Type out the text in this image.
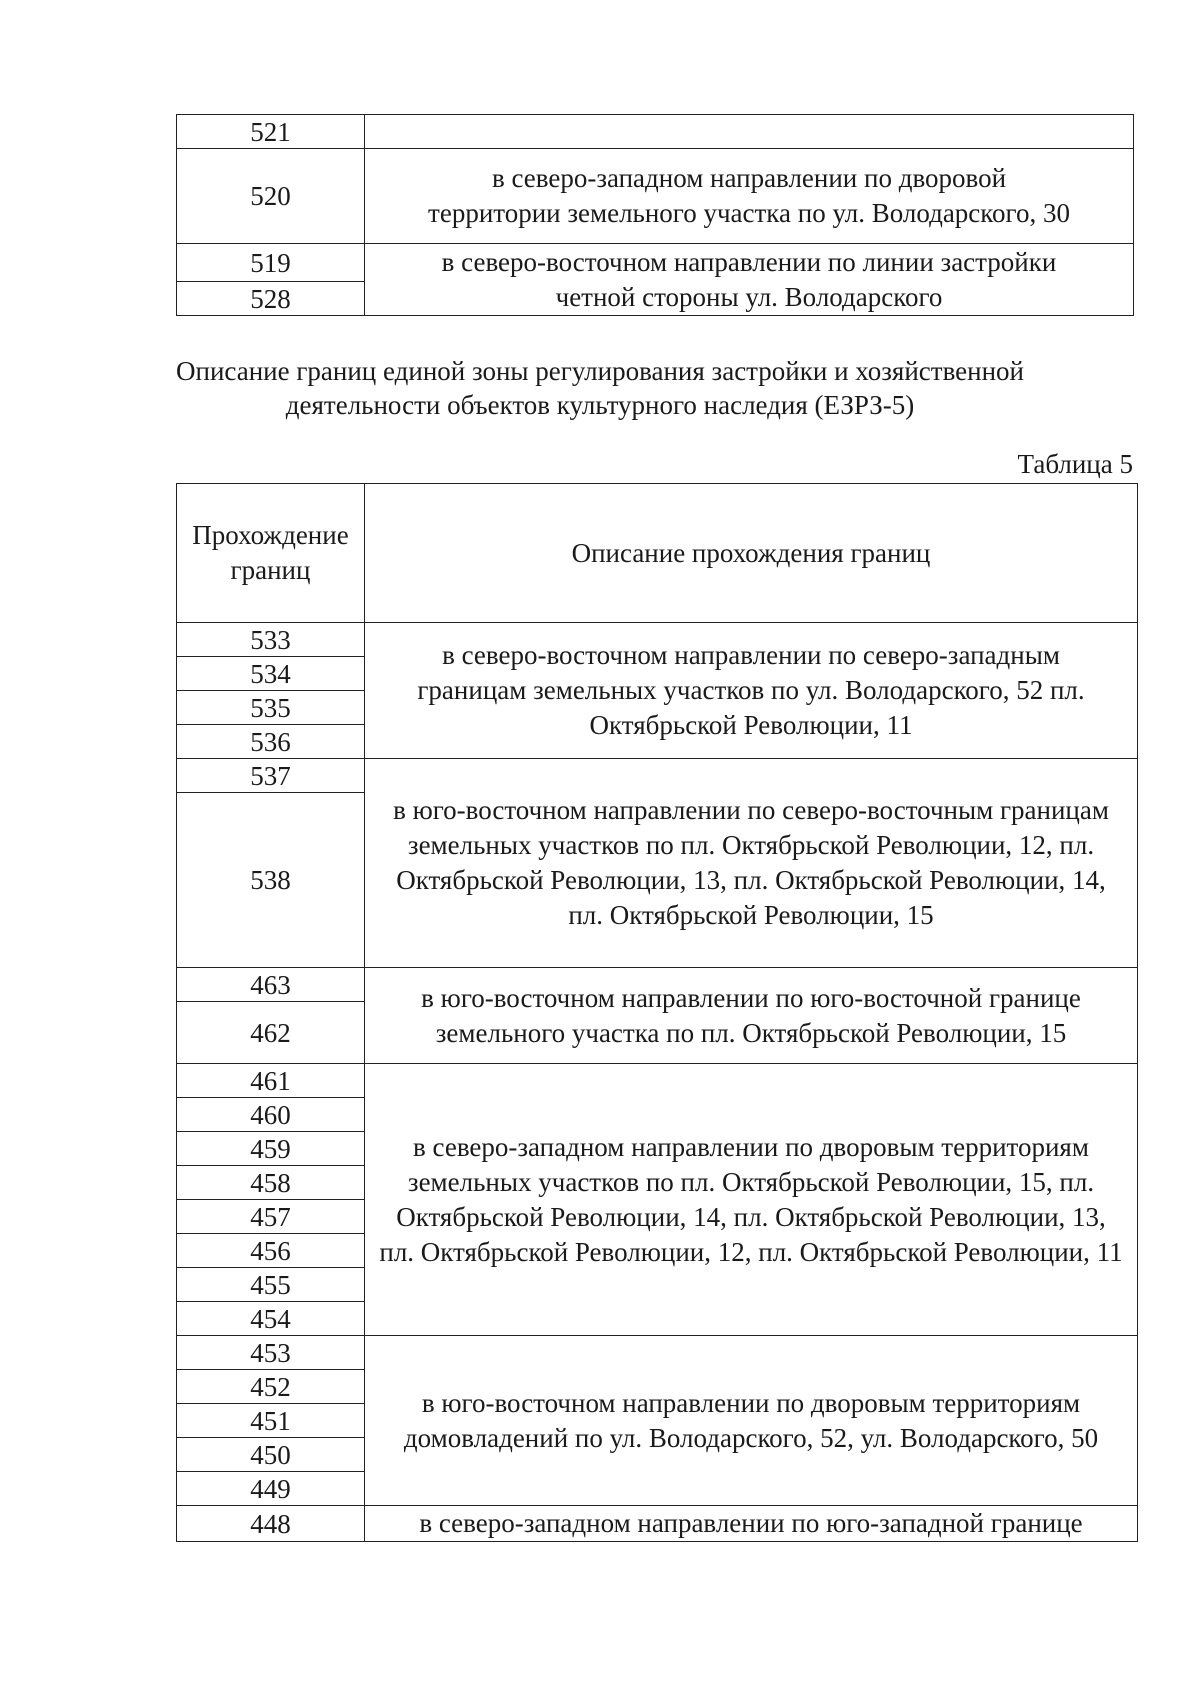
521	
520	в северо-западном направлении по дворовой территории земельного участка по ул. Володарского, 30
519	в северо-восточном направлении по линии застройки четной стороны ул. Володарского
528	
Описание границ единой зоны регулирования застройки и хозяйственной деятельности объектов культурного наследия (ЕЗРЗ-5)
Таблица 5
Прохождение границ	Описание прохождения границ
533	в северо-восточном направлении по северо-западным границам земельных участков по ул. Володарского, 52 пл. Октябрьской Революции, 11
534	
535	
536	
537	в юго-восточном направлении по северо-восточным границам земельных участков по пл. Октябрьской Революции, 12, пл. Октябрьской Революции, 13, пл. Октябрьской Революции, 14, пл. Октябрьской Революции, 15
538	
463	в юго-восточном направлении по юго-восточной границе земельного участка по пл. Октябрьской Революции, 15
462	
461	в северо-западном направлении по дворовым территориям земельных участков по пл. Октябрьской Революции, 15, пл. Октябрьской Революции, 14, пл. Октябрьской Революции, 13, пл. Октябрьской Революции, 12, пл. Октябрьской Революции, 11
460	
459	
458	
457	
456	
455	
454	
453	в юго-восточном направлении по дворовым территориям домовладений по ул. Володарского, 52, ул. Володарского, 50
452	
451	
450	
449	
448	в северо-западном направлении по юго-западной границе
